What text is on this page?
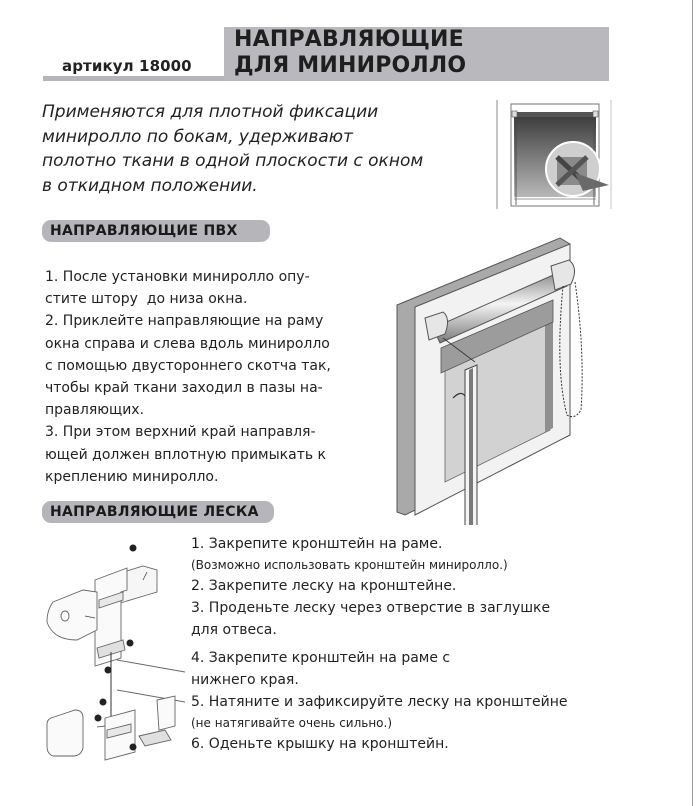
артикул 18000
НАПРАВЛЯЮЩИЕ
ДЛЯ МИНИРОЛЛО
Применяются для плотной фиксации
миниролло по бокам, удерживают
полотно ткани в одной плоскости с окном
в откидном положении.
НАПРАВЛЯЮЩИЕ ПВХ
1. После установки миниролло опу-
стите штору  до низа окна.
2. Приклейте направляющие на раму
окна справа и слева вдоль миниролло
с помощью двустороннего скотча так,
чтобы край ткани заходил в пазы на-
правляющих.
3. При этом верхний край направля-
ющей должен вплотную примыкать к
креплению миниролло.
НАПРАВЛЯЮЩИЕ ЛЕСКА
1. Закрепите кронштейн на раме.
(Возможно использовать кронштейн миниролло.)
2. Закрепите леску на кронштейне.
3. Проденьте леску через отверстие в заглушке
для отвеса.
4. Закрепите кронштейн на раме с
нижнего края.
5. Натяните и зафиксируйте леску на кронштейне
(не натягивайте очень сильно.)
6. Оденьте крышку на кронштейн.
